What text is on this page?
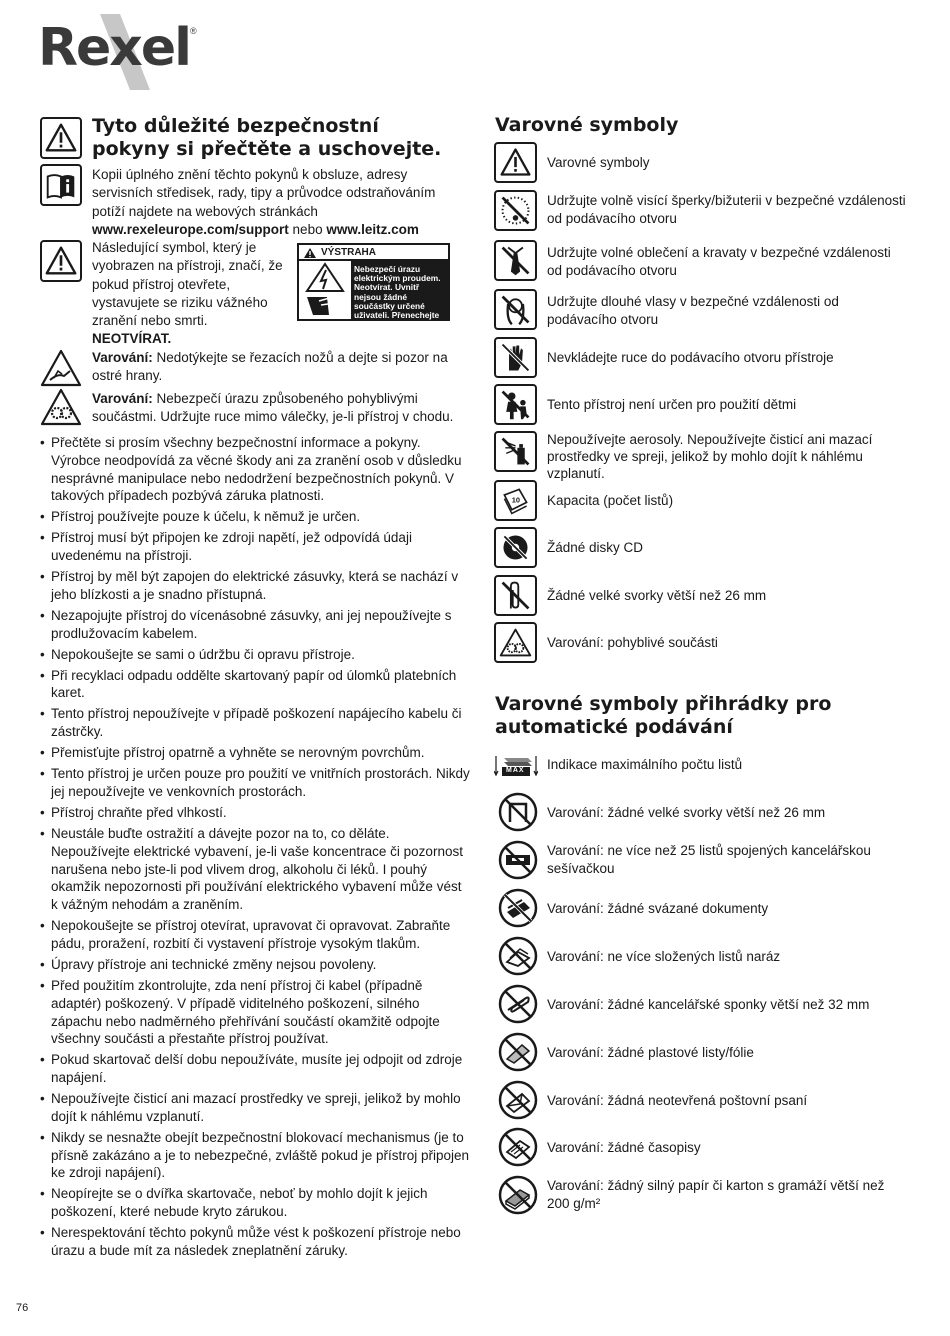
Rexel ®
Tyto důležité bezpečnostní pokyny si přečtěte a uschovejte.
Kopii úplného znění těchto pokynů k obsluze, adresy servisních středisek, rady, tipy a průvodce odstraňováním potíží najdete na webových stránkách
www.rexeleurope.com/support nebo www.leitz.com
Následující symbol, který je vyobrazen na přístroji, značí, že pokud přístroj otevřete, vystavujete se riziku vážného zranění nebo smrti.
NEOTVÍRAT.
VÝSTRAHA
Nebezpečí úrazu elektrickým proudem. Neotvírat. Uvnitř nejsou žádné součástky určené uživateli. Přenechejte údržbu kvalifikovanému servisnímu personálu.
Varování: Nedotýkejte se řezacích nožů a dejte si pozor na ostré hrany.
Varování: Nebezpečí úrazu způsobeného pohyblivými součástmi. Udržujte ruce mimo válečky, je-li přístroj v chodu.
• Přečtěte si prosím všechny bezpečnostní informace a pokyny. Výrobce neodpovídá za věcné škody ani za zranění osob v důsledku nesprávné manipulace nebo nedodržení bezpečnostních pokynů. V takových případech pozbývá záruka platnosti.
• Přístroj používejte pouze k účelu, k němuž je určen.
• Přístroj musí být připojen ke zdroji napětí, jež odpovídá údaji uvedenému na přístroji.
• Přístroj by měl být zapojen do elektrické zásuvky, která se nachází v jeho blízkosti a je snadno přístupná.
• Nezapojujte přístroj do vícenásobné zásuvky, ani jej nepoužívejte s prodlužovacím kabelem.
• Nepokoušejte se sami o údržbu či opravu přístroje.
• Při recyklaci odpadu oddělte skartovaný papír od úlomků platebních karet.
• Tento přístroj nepoužívejte v případě poškození napájecího kabelu či zástrčky.
• Přemisťujte přístroj opatrně a vyhněte se nerovným povrchům.
• Tento přístroj je určen pouze pro použití ve vnitřních prostorách. Nikdy jej nepoužívejte ve venkovních prostorách.
• Přístroj chraňte před vlhkostí.
• Neustále buďte ostražití a dávejte pozor na to, co děláte. Nepoužívejte elektrické vybavení, je-li vaše koncentrace či pozornost narušena nebo jste-li pod vlivem drog, alkoholu či léků. I pouhý okamžik nepozornosti při používání elektrického vybavení může vést k vážným nehodám a zraněním.
• Nepokoušejte se přístroj otevírat, upravovat či opravovat. Zabraňte pádu, proražení, rozbití či vystavení přístroje vysokým tlakům.
• Úpravy přístroje ani technické změny nejsou povoleny.
• Před použitím zkontrolujte, zda není přístroj či kabel (případně adaptér) poškozený. V případě viditelného poškození, silného zápachu nebo nadměrného přehřívání součástí okamžitě odpojte všechny součásti a přestaňte přístroj používat.
• Pokud skartovač delší dobu nepoužíváte, musíte jej odpojit od zdroje napájení.
• Nepoužívejte čisticí ani mazací prostředky ve spreji, jelikož by mohlo dojít k náhlému vzplanutí.
• Nikdy se nesnažte obejít bezpečnostní blokovací mechanismus (je to přísně zakázáno a je to nebezpečné, zvláště pokud je přístroj připojen ke zdroji napájení).
• Neopírejte se o dvířka skartovače, neboť by mohlo dojít k jejich poškození, které nebude kryto zárukou.
• Nerespektování těchto pokynů může vést k poškození přístroje nebo úrazu a bude mít za následek zneplatnění záruky.
76
Varovné symboly
Varovné symboly
Udržujte volně visící šperky/bižuterii v bezpečné vzdálenosti od podávacího otvoru
Udržujte volné oblečení a kravaty v bezpečné vzdálenosti od podávacího otvoru
Udržujte dlouhé vlasy v bezpečné vzdálenosti od podávacího otvoru
Nevkládejte ruce do podávacího otvoru přístroje
Tento přístroj není určen pro použití dětmi
Nepoužívejte aerosoly. Nepoužívejte čisticí ani mazací prostředky ve spreji, jelikož by mohlo dojít k náhlému vzplanutí.
10 Kapacita (počet listů)
Žádné disky CD
Žádné velké svorky větší než 26 mm
Varování: pohyblivé součásti
Varovné symboly přihrádky pro automatické podávání
MAX Indikace maximálního počtu listů
Varování: žádné velké svorky větší než 26 mm
Varování: ne více než 25 listů spojených kancelářskou sešívačkou
Varování: žádné svázané dokumenty
Varování: ne více složených listů naráz
Varování: žádné kancelářské sponky větší než 32 mm
Varování: žádné plastové listy/fólie
Varování: žádná neotevřená poštovní psaní
Varování: žádné časopisy
Varování: žádný silný papír či karton s gramáží větší než 200 g/m²
